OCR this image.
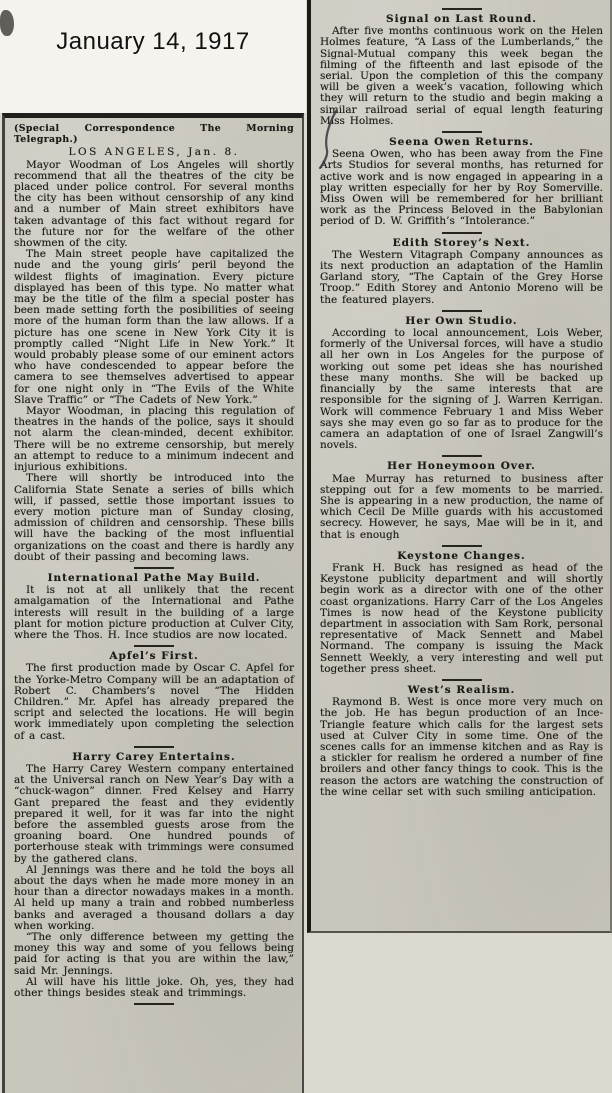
January 14, 1917

(Special Correspondence The Morning Telegraph.)

LOS ANGELES, Jan. 8.

Mayor Woodman of Los Angeles will shortly recommend that all the theatres of the city be placed under police control. For several months the city has been without censorship of any kind and a number of Main street exhibitors have taken advantage of this fact without regard for the future nor for the welfare of the other showmen of the city.

The Main street people have capitalized the nude and the young girls’ peril beyond the wildest flights of imagination. Every picture displayed has been of this type. No matter what may be the title of the film a special poster has been made setting forth the posibilities of seeing more of the human form than the law allows. If a picture has one scene in New York City it is promptly called “Night Life in New York.” It would probably please some of our eminent actors who have condescended to appear before the camera to see themselves advertised to appear for one night only in “The Evils of the White Slave Traffic” or “The Cadets of New York.”

Mayor Woodman, in placing this regulation of theatres in the hands of the police, says it should not alarm the clean-minded, decent exhibitor. There will be no extreme censorship, but merely an attempt to reduce to a minimum indecent and injurious exhibitions.

There will shortly be introduced into the California State Senate a series of bills which will, if passed, settle those important issues to every motion picture man of Sunday closing, admission of children and censorship. These bills will have the backing of the most influential organizations on the coast and there is hardly any doubt of their passing and becoming laws.

International Pathe May Build.

It is not at all unlikely that the recent amalgamation of the International and Pathe interests will result in the building of a large plant for motion picture production at Culver City, where the Thos. H. Ince studios are now located.

Apfel’s First.

The first production made by Oscar C. Apfel for the Yorke-Metro Company will be an adaptation of Robert C. Chambers’s novel “The Hidden Children.” Mr. Apfel has already prepared the script and selected the locations. He will begin work immediately upon completing the selection of a cast.

Harry Carey Entertains.

The Harry Carey Western company entertained at the Universal ranch on New Year’s Day with a “chuck-wagon” dinner. Fred Kelsey and Harry Gant prepared the feast and they evidently prepared it well, for it was far into the night before the assembled guests arose from the groaning board. One hundred pounds of porterhouse steak with trimmings were consumed by the gathered clans.

Al Jennings was there and he told the boys all about the days when he made more money in an hour than a director nowadays makes in a month. Al held up many a train and robbed numberless banks and averaged a thousand dollars a day when working.

“The only difference between my getting the money this way and some of you fellows being paid for acting is that you are within the law,” said Mr. Jennings.

Al will have his little joke. Oh, yes, they had other things besides steak and trimmings.

Signal on Last Round.

After five months continuous work on the Helen Holmes feature, “A Lass of the Lumberlands,” the Signal-Mutual company this week began the filming of the fifteenth and last episode of the serial. Upon the completion of this the company will be given a week’s vacation, following which they will return to the studio and begin making a similar railroad serial of equal length featuring Miss Holmes.

Seena Owen Returns.

Seena Owen, who has been away from the Fine Arts Studios for several months, has returned for active work and is now engaged in appearing in a play written especially for her by Roy Somerville. Miss Owen will be remembered for her brilliant work as the Princess Beloved in the Babylonian period of D. W. Griffith’s “Intolerance.”

Edith Storey’s Next.

The Western Vitagraph Company announces as its next production an adaptation of the Hamlin Garland story, “The Captain of the Grey Horse Troop.” Edith Storey and Antonio Moreno will be the featured players.

Her Own Studio.

According to local announcement, Lois Weber, formerly of the Universal forces, will have a studio all her own in Los Angeles for the purpose of working out some pet ideas she has nourished these many months. She will be backed up financially by the same interests that are responsible for the signing of J. Warren Kerrigan. Work will commence February 1 and Miss Weber says she may even go so far as to produce for the camera an adaptation of one of Israel Zangwill’s novels.

Her Honeymoon Over.

Mae Murray has returned to business after stepping out for a few moments to be married. She is appearing in a new production, the name of which Cecil De Mille guards with his accustomed secrecy. However, he says, Mae will be in it, and that is enough

Keystone Changes.

Frank H. Buck has resigned as head of the Keystone publicity department and will shortly begin work as a director with one of the other coast organizations. Harry Carr of the Los Angeles Times is now head of the Keystone publicity department in association with Sam Rork, personal representative of Mack Sennett and Mabel Normand. The company is issuing the Mack Sennett Weekly, a very interesting and well put together press sheet.

West’s Realism.

Raymond B. West is once more very much on the job. He has begun production of an Ince-Triangle feature which calls for the largest sets used at Culver City in some time. One of the scenes calls for an immense kitchen and as Ray is a stickler for realism he ordered a number of fine broilers and other fancy things to cook. This is the reason the actors are watching the construction of the wine cellar set with such smiling anticipation.
